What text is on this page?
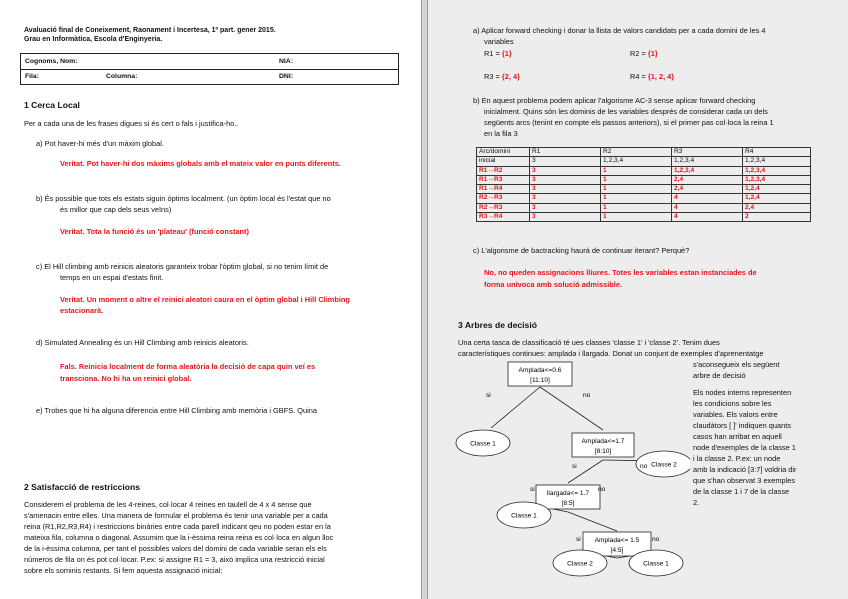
Avaluació final de Coneixement, Raonament i Incertesa, 1º part. gener 2015.
Grau en Informàtica, Escola d'Enginyeria.
Cognoms, Nom:	NIA:
Fila:	Columna:	DNI:
1 Cerca Local
Per a cada una de les frases digues si és cert o fals i justifica-ho..
a) Pot haver-hi més d'un màxim global.
Veritat. Pot haver-hi dos màxims globals amb el mateix valor en punts diferents.
b) És possible que tots els estats siguin òptims localment. (un òptim local és l'estat que no
és millor que cap dels seus veïns)
Veritat. Tota la funció és un 'plateau' (funció constant)
c) El Hill climbing amb reinicis aleatoris garanteix trobar l'òptim global, si no tenim límit de
temps en un espai d'estats finit.
Veritat. Un moment o altre el reinici aleatori caura en el òptim global i Hill Climbing
estacionarà.
d) Simulated Annealing és un Hill Climbing amb reinicis aleatoris.
Fals. Reinicia localment de forma aleatòria la decisió de capa quin veí es
transciona. No hi ha un reinici global.
e) Trobes que hi ha alguna diferencia entre Hill Climbing amb memòria i GBFS. Quina
2 Satisfacció de restriccions
Considerem el problema de les 4-reines, col·locar 4 reines en taulell de 4 x 4 sense que
s'amenacin entre elles. Una manera de formular el problema és tenir una variable per a cada
reina (R1,R2,R3,R4) i restriccions binàries entre cada parell indicant qeu no poden estar en la
mateixa fila, columna o diagonal. Assumim que la i-èssima reina reina es col·loca en algun lloc
de la i-èssima columna, per tant el possibles valors del domini de cada variable seran els els
números de fila on és pot col·locar. P.ex: si assigne R1 = 3, això implica una restricció inicial
sobre els sominis restants. Si fem aquesta assignació inicial:
a) Aplicar forward checking i donar la llista de valors candidats per a cada domini de les 4
variables
R1 = {1}	R2 = {1}
R3 = {2, 4}	R4 = {1, 2, 4}
b) En aquest problema podem aplicar l'algorisme AC-3 sense aplicar forward checking
inicialment. Quins són les dominis de les variables després de considerar cada un dels
següents arcs (tenint en compte els passos anteriors), si el primer pas col·loca la reina 1
en la fila 3
Arc/domini	R1	R2	R3	R4
inicial	3	1,2,3,4	1,2,3,4	1,2,3,4
R1→R2	3	1	1,2,3,4	1,2,3,4
R1→R3	3	1	2,4	1,2,3,4
R1→R4	3	1	2,4	1,2,4
R2→R3	3	1	4	1,2,4
R2→R3	3	1	4	2,4
R3→R4	3	1	4	2
c) L'algorisme de bactracking haurà de continuar iterant? Perquè?
No, no queden assignacions lliures. Totes les variables estan instanciades de
forma unívoca amb solució admissible.
3 Arbres de decisió
Una certa tasca de classificació té ues classes 'classe 1' i 'classe 2'. Tenim dues
característiques continues: amplada i llargada. Donat un conjunt de exemples d'aprenentatge
s'aconsegueix els següent
arbre de decisió
Els nodes interns representen
les condicions sobre les
variables. Els valors entre
claudàtors [ ]' indiquen quants
casos han arribat en aquell
node d'exemples de la classe 1
i la classe 2. P.ex: un node
amb la indicació [3:7] voldria dir
que s'han observat 3 exemples
de la classe 1 i 7 de la classe
2.
Amplada<=0.6
[11:10]
Amplada<=1.7
[8:10]
llargada<= 1.7
[8:5]
Amplada<= 1.5
[4:5]
Classe 1
Classe 2
Classe 1
Classe 2	Classe 1
si	no
si	no
si	no
si	no
